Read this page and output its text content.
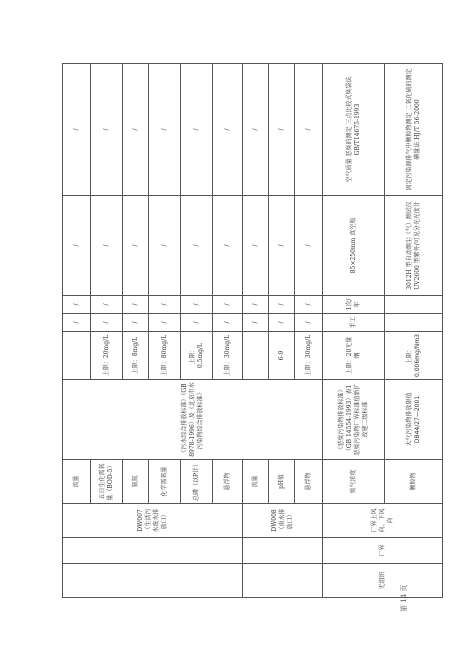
		DW007（生活污水废水排放口）	流量	《污水综合排放标准》（GB 8978-1996）及《北京市水污染物综合排放标准》		/	/	/	/
			五日生化需氧量（BOD-5）		上限：20mg/L	/	/	/	/
			氨氮		上限：8mg/L	/	/	/	/
			化学需氧量		上限：80mg/L	/	/	/	/
			总磷（以P计）		上限：0.5mg/L	/	/	/	/
			悬浮物		上限：30mg/L	/	/	/	/
		DW008（雨水排放口）	流量			/	/	/	/
			pH值		6-9	/	/	/	/
			悬浮物		上限：30mg/L	/	/	/	/
无组织	厂界	厂界上风向、下风向	臭气浓度	《恶臭污染物排放标准》（GB 14554-1993）表1 恶臭污染物厂界标准值新扩改建二级标准	上限：20无量纲	手工	1次/年	85×250mm 真空瓶	空气质量 恶臭的测定 三点比较式臭袋法 GB/T14675-1993
			颗粒物	大气污染物排放限值 DB44/27—2001	上限：0.006mg/Nm3			3012H 型自动烟尘（气）测试仪 UV2600 型紫外/可见分光光度计	固定污染源排气中颗粒物测定 二氧化硫的测定 碘量法 HJ/T 56-2000
第 14 页
